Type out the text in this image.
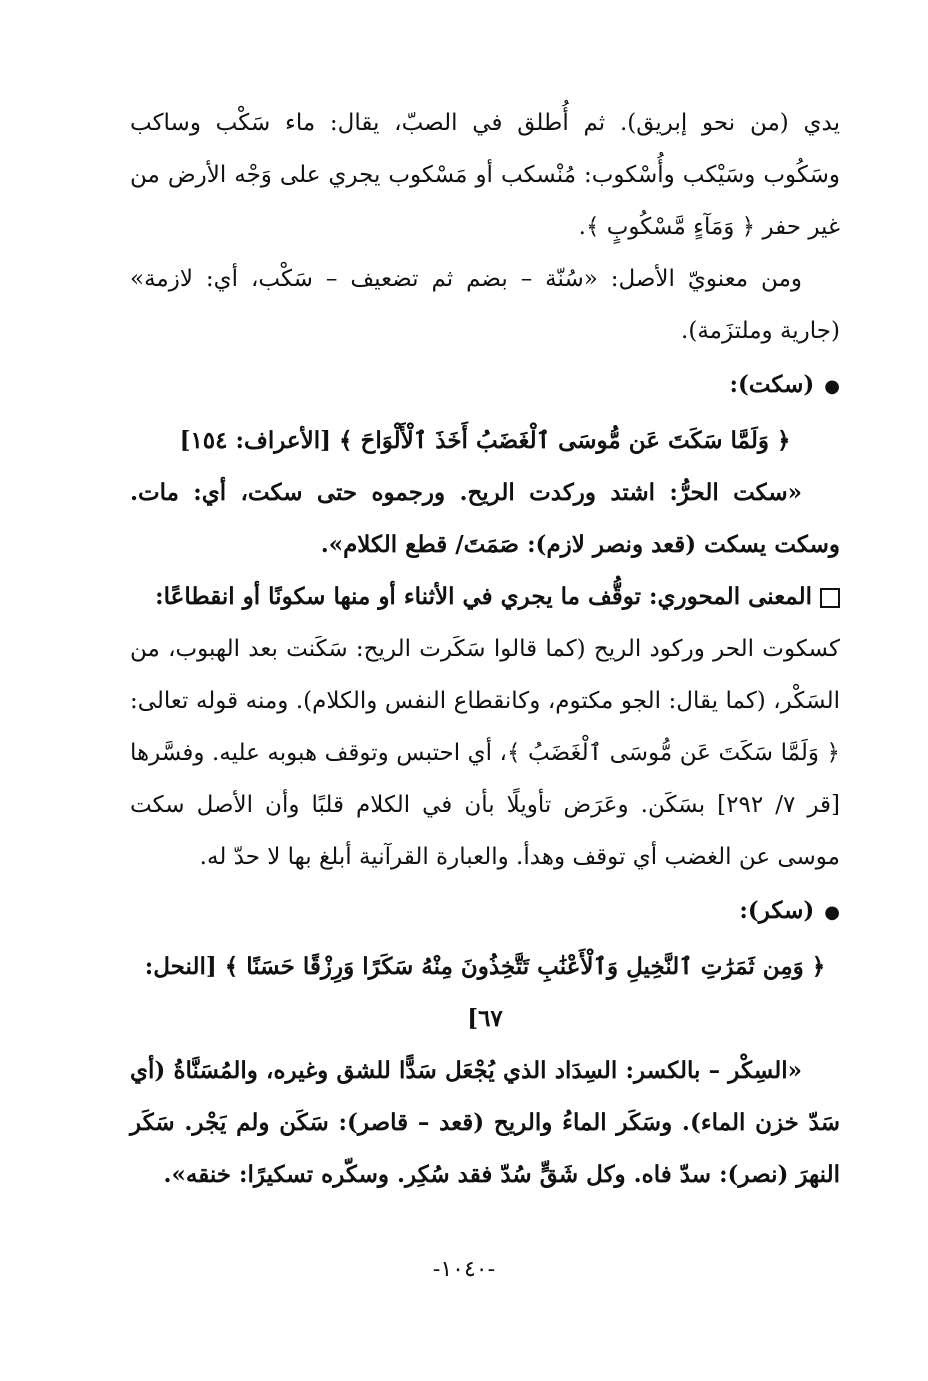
يدي (من نحو إبريق). ثم أُطلق في الصبّ، يقال: ماء سَكْب وساكب وسَكُوب وسَيْكب وأُسْكوب: مُنْسكب أو مَسْكوب يجري على وَجْه الأرض من غير حفر ﴿ وَمَآءٍ مَّسْكُوبٍ ﴾.

ومن معنويّ الأصل: «سُنّة – بضم ثم تضعيف – سَكْب، أي: لازمة» (جارية وملتزَمة).

●(سكت):

﴿ وَلَمَّا سَكَتَ عَن مُّوسَى ٱلْغَضَبُ أَخَذَ ٱلْأَلْوَاحَ ﴾ [الأعراف: ١٥٤]

«سكت الحرُّ: اشتد وركدت الريح. ورجموه حتى سكت، أي: مات. وسكت يسكت (قعد ونصر لازم): صَمَتَ/ قطع الكلام».

المعنى المحوري: توقُّف ما يجري في الأثناء أو منها سكونًا أو انقطاعًا:

كسكوت الحر وركود الريح (كما قالوا سَكَرت الريح: سَكَنت بعد الهبوب، من السَكْر، (كما يقال: الجو مكتوم، وكانقطاع النفس والكلام). ومنه قوله تعالى: ﴿ وَلَمَّا سَكَتَ عَن مُّوسَى ٱلْغَضَبُ ﴾، أي احتبس وتوقف هبوبه عليه. وفسَّرها [قر ٧/ ٢٩٢] بسَكَن. وعَرَض تأويلًا بأن في الكلام قلبًا وأن الأصل سكت موسى عن الغضب أي توقف وهدأ. والعبارة القرآنية أبلغ بها لا حدّ له.

●(سكر):

﴿ وَمِن ثَمَرَٰتِ ٱلنَّخِيلِ وَٱلْأَعْنَٰبِ تَتَّخِذُونَ مِنْهُ سَكَرًا وَرِزْقًا حَسَنًا ﴾ [النحل: ٦٧]

«السِكْر – بالكسر: السِدَاد الذي يُجْعَل سَدًّا للشق وغيره، والمُسَنَّاةُ (أي سَدّ خزن الماء). وسَكَر الماءُ والريح (قعد – قاصر): سَكَن ولم يَجْر. سَكَر النهرَ (نصر): سدّ فاه. وكل شَقٍّ سُدّ فقد سُكِر. وسكّره تسكيرًا: خنقه».

-١٠٤٠-
